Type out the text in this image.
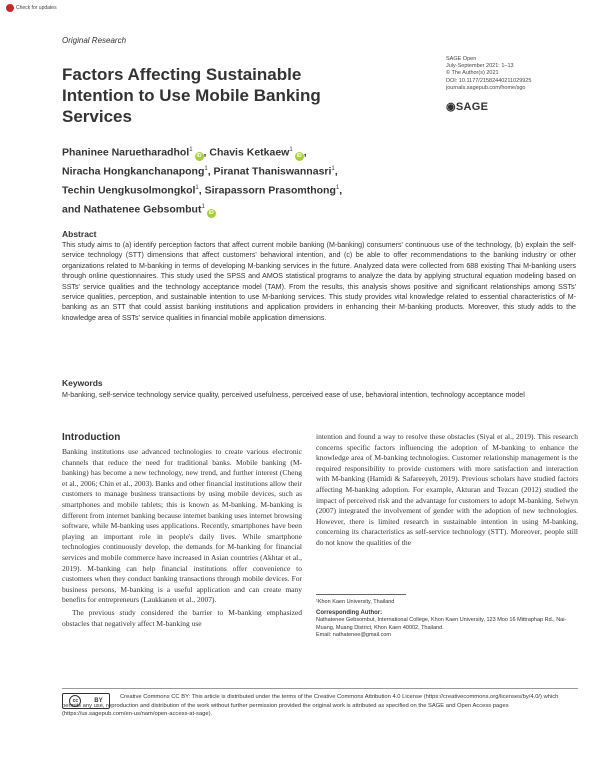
Check for updates
Original Research
Factors Affecting Sustainable Intention to Use Mobile Banking Services
SAGE Open
July-September 2021: 1–13
© The Author(s) 2021
DOI: 10.1177/21582440211029925
journals.sagepub.com/home/sgo
◉SAGE
Phaninee Naruetharadhol$^1$iD , Chavis Ketkaew$^1$iD ,
Niracha Hongkanchanapong$^1$, Piranat Thaniswannasri$^1$,
Techin Uengkusolmongkol$^1$, Sirapassorn Prasomthong$^1$,
and Nathatenee Gebsombut$^1$iD
Abstract
This study aims to (a) identify perception factors that affect current mobile banking (M-banking) consumers' continuous use of the technology, (b) explain the self-service technology (STT) dimensions that affect customers' behavioral intention, and (c) be able to offer recommendations to the banking industry or other organizations related to M-banking in terms of developing M-banking services in the future. Analyzed data were collected from 688 existing Thai M-banking users through online questionnaires. This study used the SPSS and AMOS statistical programs to analyze the data by applying structural equation modeling based on SSTs' service qualities and the technology acceptance model (TAM). From the results, this analysis shows positive and significant relationships among SSTs' service qualities, perception, and sustainable intention to use M-banking services. This study provides vital knowledge related to essential characteristics of M-banking as an STT that could assist banking institutions and application providers in enhancing their M-banking products. Moreover, this study adds to the knowledge area of SSTs' service qualities in financial mobile application dimensions.
Keywords
M-banking, self-service technology service quality, perceived usefulness, perceived ease of use, behavioral intention, technology acceptance model
Introduction

Banking institutions use advanced technologies to create various electronic channels that reduce the need for traditional banks. Mobile banking (M-banking) has become a new technology, new trend, and further interest (Cheng et al., 2006; Chin et al., 2003). Banks and other financial institutions allow their customers to manage business transactions by using mobile devices, such as smartphones and mobile tablets; this is known as M-banking. M-banking is different from internet banking because internet banking uses internet browsing software, while M-banking uses applications. Recently, smartphones have been playing an important role in people's daily lives. While smartphone technologies continuously develop, the demands for M-banking for financial services and mobile commerce have increased in Asian countries (Akhtar et al., 2019). M-banking can help financial institutions offer convenience to customers when they conduct banking transactions through mobile devices. For business persons, M-banking is a useful application and can create many benefits for entrepreneurs (Laukkanen et al., 2007).

The previous study considered the barrier to M-banking emphasized obstacles that negatively affect M-banking use

intention and found a way to resolve these obstacles (Siyal et al., 2019). This research concerns specific factors influencing the adoption of M-banking to enhance the knowledge area of M-banking technologies. Customer relationship management is the required responsibility to provide customers with more satisfaction and interaction with M-banking (Hamidi & Safareeyeh, 2019). Previous scholars have studied factors affecting M-banking adoption. For example, Akturan and Tezcan (2012) studied the impact of perceived risk and the advantage for customers to adopt M-banking. Selwyn (2007) integrated the involvement of gender with the adoption of new technologies. However, there is limited research in sustainable intention in using M-banking, concerning its characteristics as self-service technology (STT). Moreover, people still do not know the qualities of the

¹Khon Kaen University, Thailand
Corresponding Author:
Nathatenee Gebsombut, International College, Khon Kaen University, 123 Moo 16 Mittraphap Rd., Nai-Muang, Muang District, Khon Kaen 40002, Thailand.
Email: nathatenee@gmail.com
Creative Commons CC BY: This article is distributed under the terms of the Creative Commons Attribution 4.0 License (https://creativecommons.org/licenses/by/4.0/) which permits any use, reproduction and distribution of the work without further permission provided the original work is attributed as specified on the SAGE and Open Access pages (https://us.sagepub.com/en-us/nam/open-access-at-sage).
cc	BY
